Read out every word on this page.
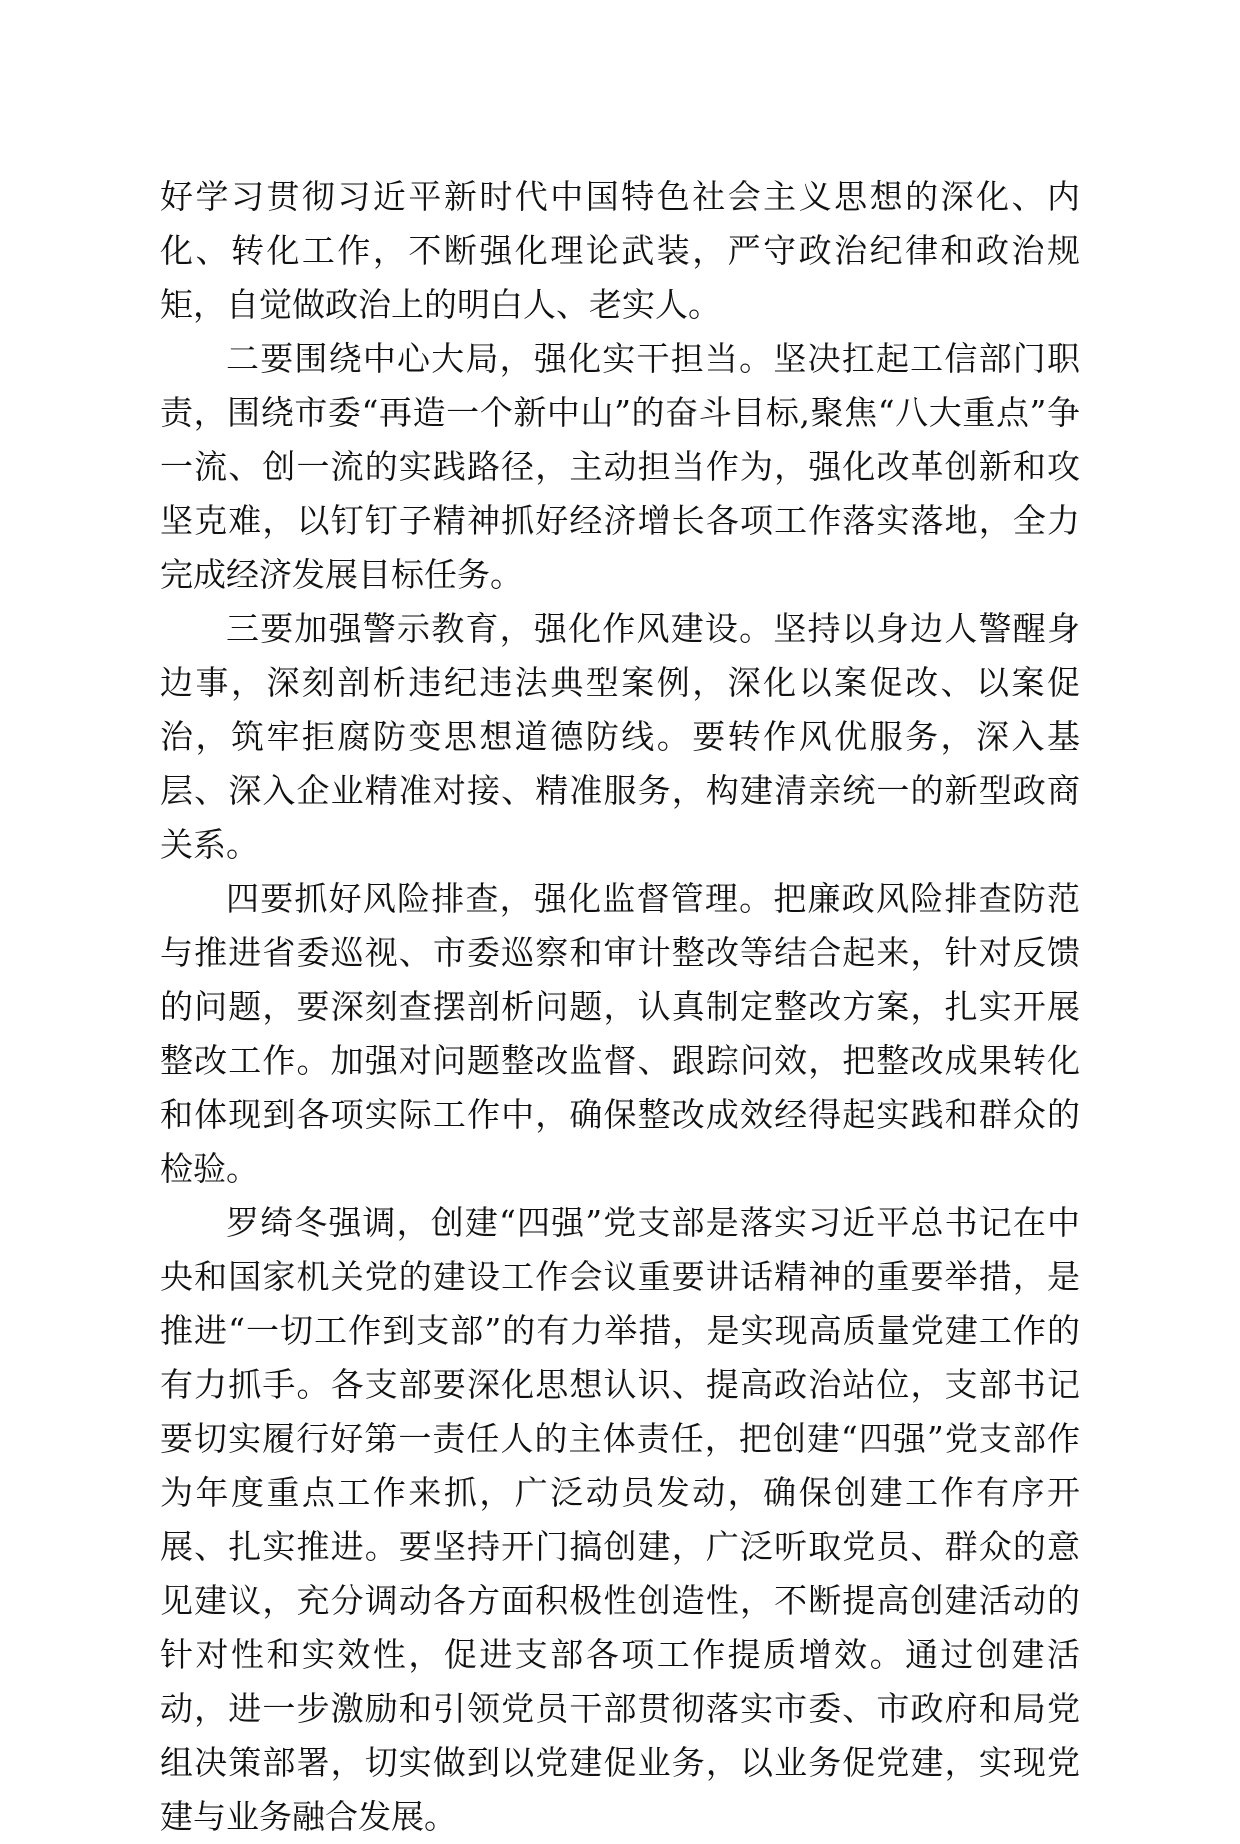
好学习贯彻习近平新时代中国特色社会主义思想的深化、内化、转化工作，不断强化理论武装，严守政治纪律和政治规矩，自觉做政治上的明白人、老实人。

二要围绕中心大局，强化实干担当。坚决扛起工信部门职责，围绕市委“再造一个新中山”的奋斗目标,聚焦“八大重点”争一流、创一流的实践路径，主动担当作为，强化改革创新和攻坚克难，以钉钉子精神抓好经济增长各项工作落实落地，全力完成经济发展目标任务。

三要加强警示教育，强化作风建设。坚持以身边人警醒身边事，深刻剖析违纪违法典型案例，深化以案促改、以案促治，筑牢拒腐防变思想道德防线。要转作风优服务，深入基层、深入企业精准对接、精准服务，构建清亲统一的新型政商关系。

四要抓好风险排查，强化监督管理。把廉政风险排查防范与推进省委巡视、市委巡察和审计整改等结合起来，针对反馈的问题，要深刻查摆剖析问题，认真制定整改方案，扎实开展整改工作。加强对问题整改监督、跟踪问效，把整改成果转化和体现到各项实际工作中，确保整改成效经得起实践和群众的检验。

罗绮冬强调，创建“四强”党支部是落实习近平总书记在中央和国家机关党的建设工作会议重要讲话精神的重要举措，是推进“一切工作到支部”的有力举措，是实现高质量党建工作的有力抓手。各支部要深化思想认识、提高政治站位，支部书记要切实履行好第一责任人的主体责任，把创建“四强”党支部作为年度重点工作来抓，广泛动员发动，确保创建工作有序开展、扎实推进。要坚持开门搞创建，广泛听取党员、群众的意见建议，充分调动各方面积极性创造性，不断提高创建活动的针对性和实效性，促进支部各项工作提质增效。通过创建活动，进一步激励和引领党员干部贯彻落实市委、市政府和局党组决策部署，切实做到以党建促业务，以业务促党建，实现党建与业务融合发展。
